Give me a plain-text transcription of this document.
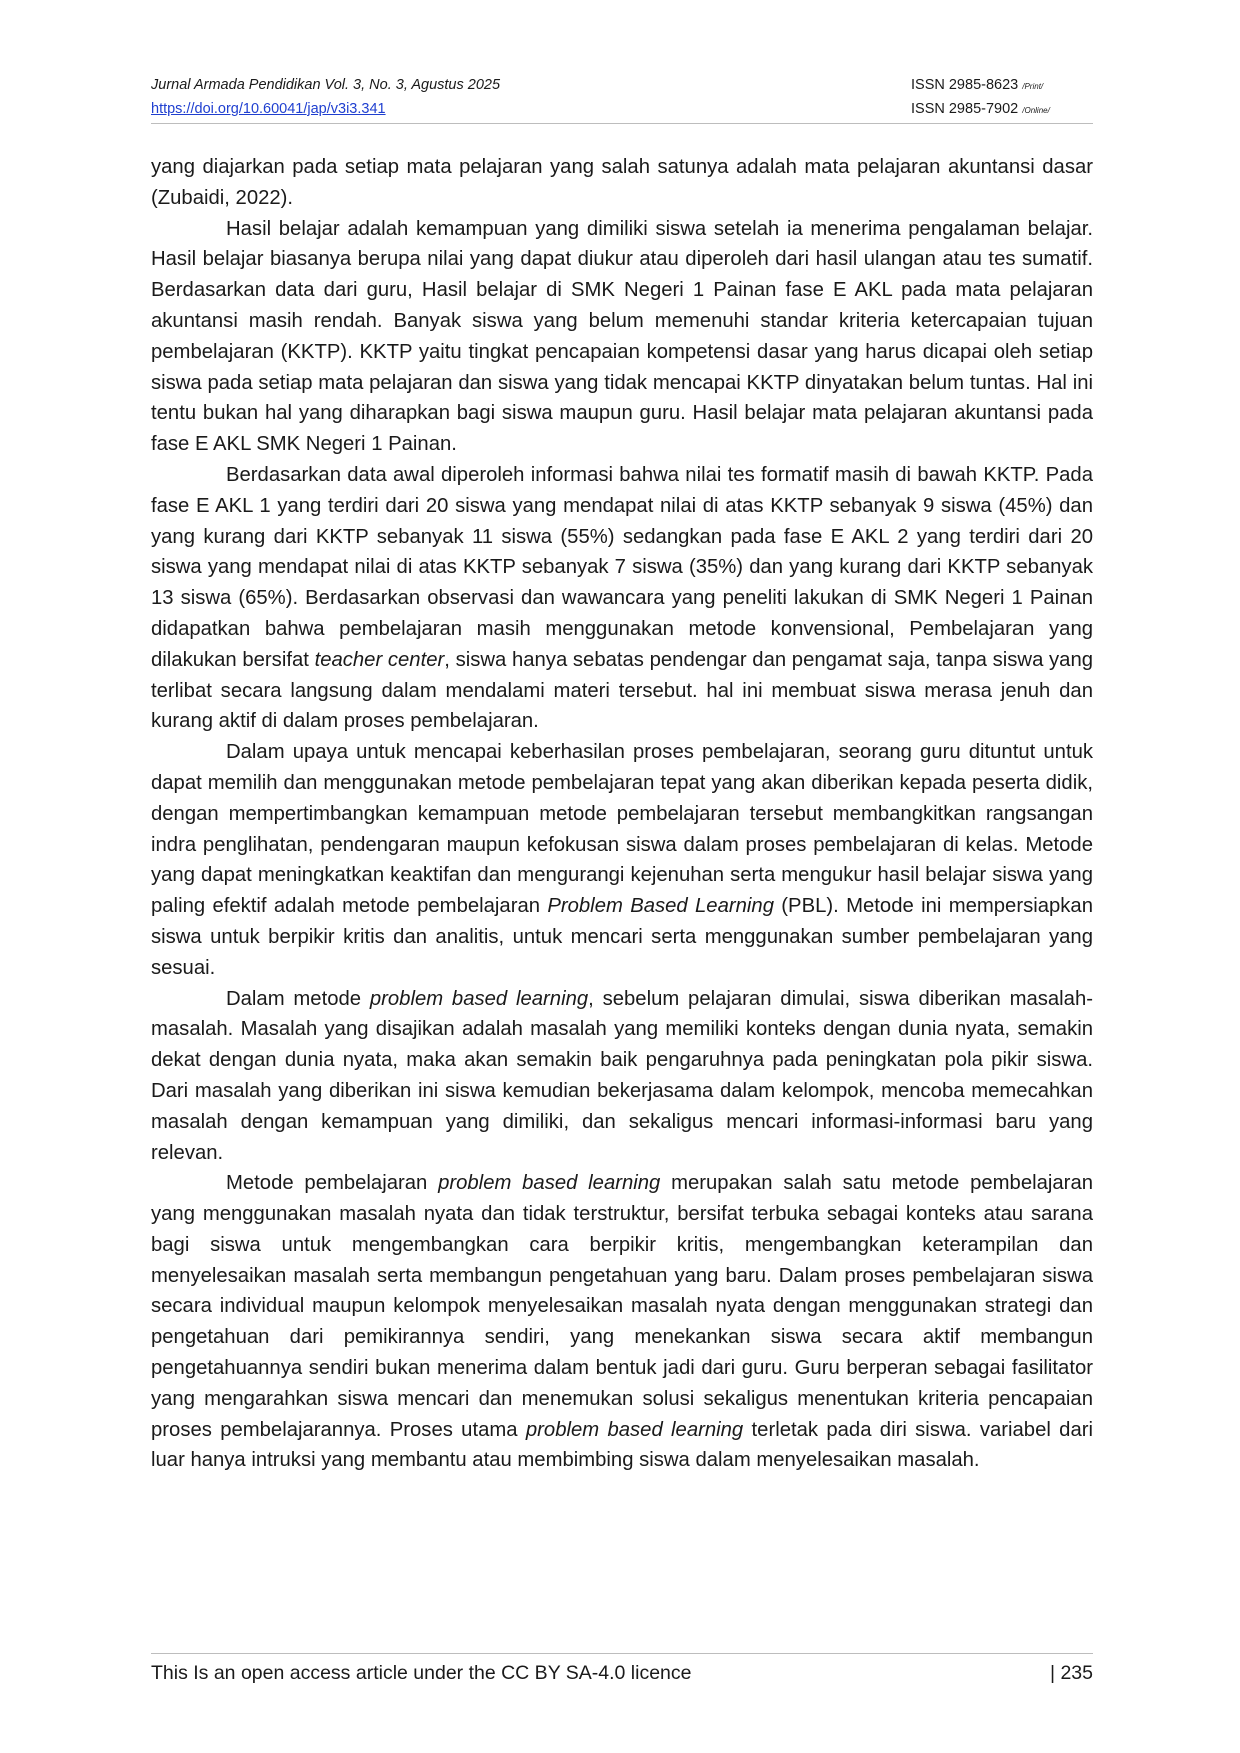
Jurnal Armada Pendidikan Vol. 3, No. 3, Agustus 2025	ISSN 2985-8623 /Print/
https://doi.org/10.60041/jap/v3i3.341	ISSN 2985-7902 /Online/

yang diajarkan pada setiap mata pelajaran yang salah satunya adalah mata pelajaran akuntansi dasar (Zubaidi, 2022).

Hasil belajar adalah kemampuan yang dimiliki siswa setelah ia menerima pengalaman belajar. Hasil belajar biasanya berupa nilai yang dapat diukur atau diperoleh dari hasil ulangan atau tes sumatif. Berdasarkan data dari guru, Hasil belajar di SMK Negeri 1 Painan fase E AKL pada mata pelajaran akuntansi masih rendah. Banyak siswa yang belum memenuhi standar kriteria ketercapaian tujuan pembelajaran (KKTP). KKTP yaitu tingkat pencapaian kompetensi dasar yang harus dicapai oleh setiap siswa pada setiap mata pelajaran dan siswa yang tidak mencapai KKTP dinyatakan belum tuntas. Hal ini tentu bukan hal yang diharapkan bagi siswa maupun guru. Hasil belajar mata pelajaran akuntansi pada fase E AKL SMK Negeri 1 Painan.

Berdasarkan data awal diperoleh informasi bahwa nilai tes formatif masih di bawah KKTP. Pada fase E AKL 1 yang terdiri dari 20 siswa yang mendapat nilai di atas KKTP sebanyak 9 siswa (45%) dan yang kurang dari KKTP sebanyak 11 siswa (55%) sedangkan pada fase E AKL 2 yang terdiri dari 20 siswa yang mendapat nilai di atas KKTP sebanyak 7 siswa (35%) dan yang kurang dari KKTP sebanyak 13 siswa (65%). Berdasarkan observasi dan wawancara yang peneliti lakukan di SMK Negeri 1 Painan didapatkan bahwa pembelajaran masih menggunakan metode konvensional, Pembelajaran yang dilakukan bersifat teacher center, siswa hanya sebatas pendengar dan pengamat saja, tanpa siswa yang terlibat secara langsung dalam mendalami materi tersebut. hal ini membuat siswa merasa jenuh dan kurang aktif di dalam proses pembelajaran.

Dalam upaya untuk mencapai keberhasilan proses pembelajaran, seorang guru dituntut untuk dapat memilih dan menggunakan metode pembelajaran tepat yang akan diberikan kepada peserta didik, dengan mempertimbangkan kemampuan metode pembelajaran tersebut membangkitkan rangsangan indra penglihatan, pendengaran maupun kefokusan siswa dalam proses pembelajaran di kelas. Metode yang dapat meningkatkan keaktifan dan mengurangi kejenuhan serta mengukur hasil belajar siswa yang paling efektif adalah metode pembelajaran Problem Based Learning (PBL). Metode ini mempersiapkan siswa untuk berpikir kritis dan analitis, untuk mencari serta menggunakan sumber pembelajaran yang sesuai.

Dalam metode problem based learning, sebelum pelajaran dimulai, siswa diberikan masalah-masalah. Masalah yang disajikan adalah masalah yang memiliki konteks dengan dunia nyata, semakin dekat dengan dunia nyata, maka akan semakin baik pengaruhnya pada peningkatan pola pikir siswa. Dari masalah yang diberikan ini siswa kemudian bekerjasama dalam kelompok, mencoba memecahkan masalah dengan kemampuan yang dimiliki, dan sekaligus mencari informasi-informasi baru yang relevan.

Metode pembelajaran problem based learning merupakan salah satu metode pembelajaran yang menggunakan masalah nyata dan tidak terstruktur, bersifat terbuka sebagai konteks atau sarana bagi siswa untuk mengembangkan cara berpikir kritis, mengembangkan keterampilan dan menyelesaikan masalah serta membangun pengetahuan yang baru. Dalam proses pembelajaran siswa secara individual maupun kelompok menyelesaikan masalah nyata dengan menggunakan strategi dan pengetahuan dari pemikirannya sendiri, yang menekankan siswa secara aktif membangun pengetahuannya sendiri bukan menerima dalam bentuk jadi dari guru. Guru berperan sebagai fasilitator yang mengarahkan siswa mencari dan menemukan solusi sekaligus menentukan kriteria pencapaian proses pembelajarannya. Proses utama problem based learning terletak pada diri siswa. variabel dari luar hanya intruksi yang membantu atau membimbing siswa dalam menyelesaikan masalah.

This Is an open access article under the CC BY SA-4.0 licence	| 235
